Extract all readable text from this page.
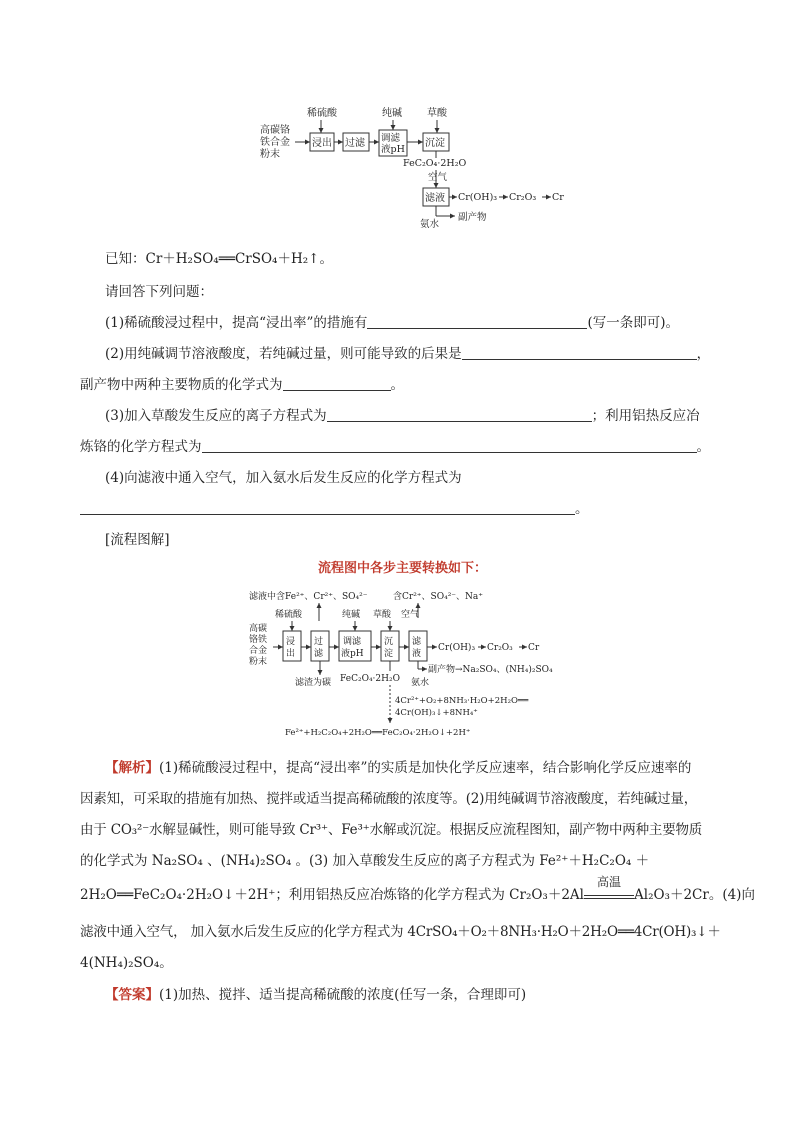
高碳铬
铁合金
粉末
稀硫酸
浸出 过滤
纯碱
调滤
液pH
草酸
沉淀
FeC₂O₄·2H₂O
空气
滤液 Cr(OH)₃ Cr₂O₃ Cr
副产物
氨水
已知：Cr＋H₂SO₄══CrSO₄＋H₂↑。
请回答下列问题：
(1)稀硫酸浸过程中，提高“浸出率”的措施有	(写一条即可)。
(2)用纯碱调节溶液酸度，若纯碱过量，则可能导致的后果是	，
副产物中两种主要物质的化学式为	。
(3)加入草酸发生反应的离子方程式为	；利用铝热反应冶
炼铬的化学方程式为	。
(4)向滤液中通入空气，加入氨水后发生反应的化学方程式为
。
[流程图解]
流程图中各步主要转换如下：
滤液中含Fe²⁺、Cr²⁺、SO₄²⁻	含Cr²⁺、SO₄²⁻、Na⁺
高碳
铬铁
合金
粉末
稀硫酸
浸
出
过
滤
滤渣为碳
纯碱
调滤
液pH
草酸
沉
淀
FeC₂O₄·2H₂O
空气
滤
液
Cr(OH)₃ Cr₂O₃ Cr
副产物→Na₂SO₄、(NH₄)₂SO₄
氨水
4Cr²⁺+O₂+8NH₃·H₂O+2H₂O══
4Cr(OH)₃↓+8NH₄⁺
Fe²⁺+H₂C₂O₄+2H₂O══FeC₂O₄·2H₂O↓+2H⁺
【解析】(1)稀硫酸浸过程中，提高“浸出率”的实质是加快化学反应速率，结合影响化学反应速率的
因素知，可采取的措施有加热、搅拌或适当提高稀硫酸的浓度等。(2)用纯碱调节溶液酸度，若纯碱过量，
由于 CO₃²⁻水解显碱性，则可能导致 Cr³⁺、Fe³⁺水解或沉淀。根据反应流程图知，副产物中两种主要物质
的化学式为 Na₂SO₄ 、(NH₄)₂SO₄ 。(3) 加入草酸发生反应的离子方程式为 Fe²⁺＋H₂C₂O₄ ＋
2H₂O══FeC₂O₄·2H₂O↓＋2H⁺；利用铝热反应冶炼铬的化学方程式为 Cr₂O₃＋2Al
高温
Al₂O₃＋2Cr。(4)向
滤液中通入空气， 加入氨水后发生反应的化学方程式为 4CrSO₄＋O₂＋8NH₃·H₂O＋2H₂O══4Cr(OH)₃↓＋
4(NH₄)₂SO₄。
【答案】(1)加热、搅拌、适当提高稀硫酸的浓度(任写一条，合理即可)
